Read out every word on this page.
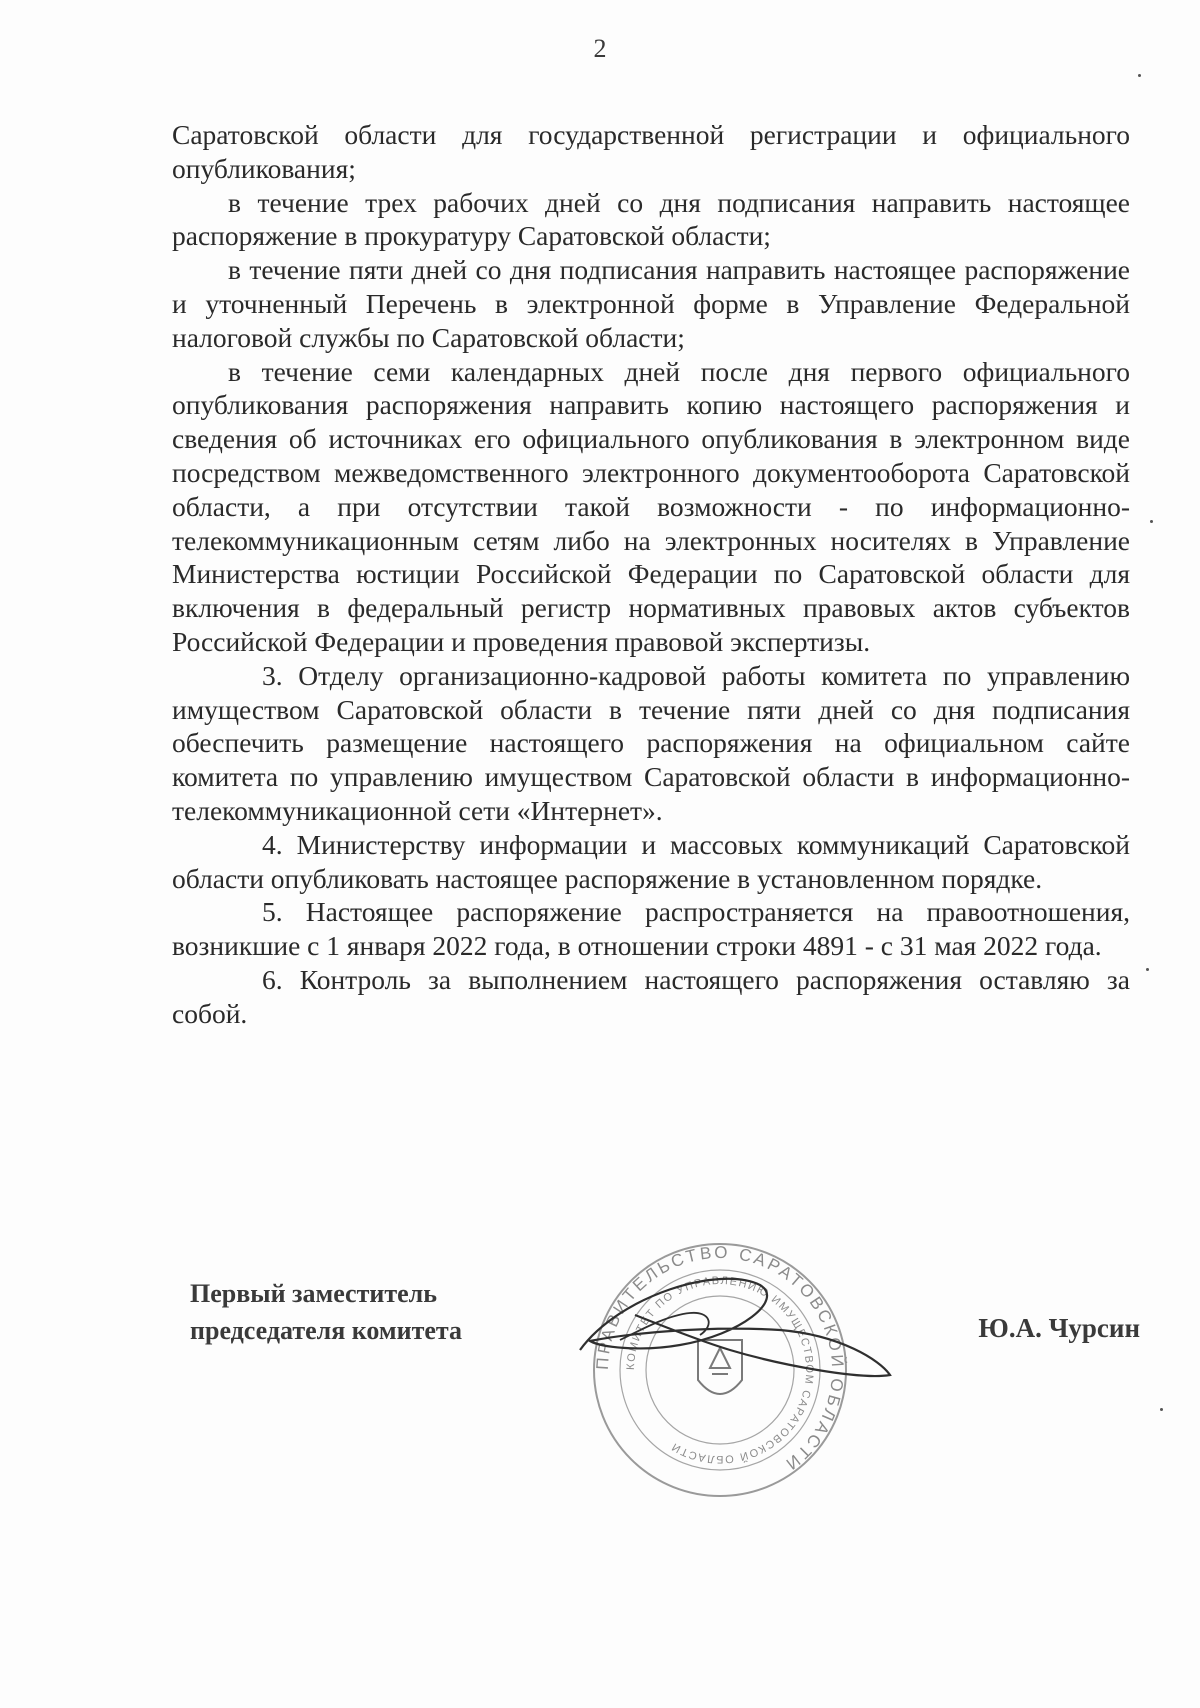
2

Саратовской области для государственной регистрации и официального опубликования;

в течение трех рабочих дней со дня подписания направить настоящее распоряжение в прокуратуру Саратовской области;

в течение пяти дней со дня подписания направить настоящее распоряжение и уточненный Перечень в электронной форме в Управление Федеральной налоговой службы по Саратовской области;

в течение семи календарных дней после дня первого официального опубликования распоряжения направить копию настоящего распоряжения и сведения об источниках его официального опубликования в электронном виде посредством межведомственного электронного документооборота Саратовской области, а при отсутствии такой возможности - по информационно-телекоммуникационным сетям либо на электронных носителях в Управление Министерства юстиции Российской Федерации по Саратовской области для включения в федеральный регистр нормативных правовых актов субъектов Российской Федерации и проведения правовой экспертизы.

3. Отделу организационно-кадровой работы комитета по управлению имуществом Саратовской области в течение пяти дней со дня подписания обеспечить размещение настоящего распоряжения на официальном сайте комитета по управлению имуществом Саратовской области в информационно-телекоммуникационной сети «Интернет».

4. Министерству информации и массовых коммуникаций Саратовской области опубликовать настоящее распоряжение в установленном порядке.

5. Настоящее распоряжение распространяется на правоотношения, возникшие с 1 января 2022 года, в отношении строки 4891 - с 31 мая 2022 года.

6. Контроль за выполнением настоящего распоряжения оставляю за собой.

ПРАВИТЕЛЬСТВО САРАТОВСКОЙ ОБЛАСТИ
КОМИТЕТ ПО УПРАВЛЕНИЮ ИМУЩЕСТВОМ САРАТОВСКОЙ ОБЛАСТИ
Первый заместитель
председателя комитета	Ю.А. Чурсин
